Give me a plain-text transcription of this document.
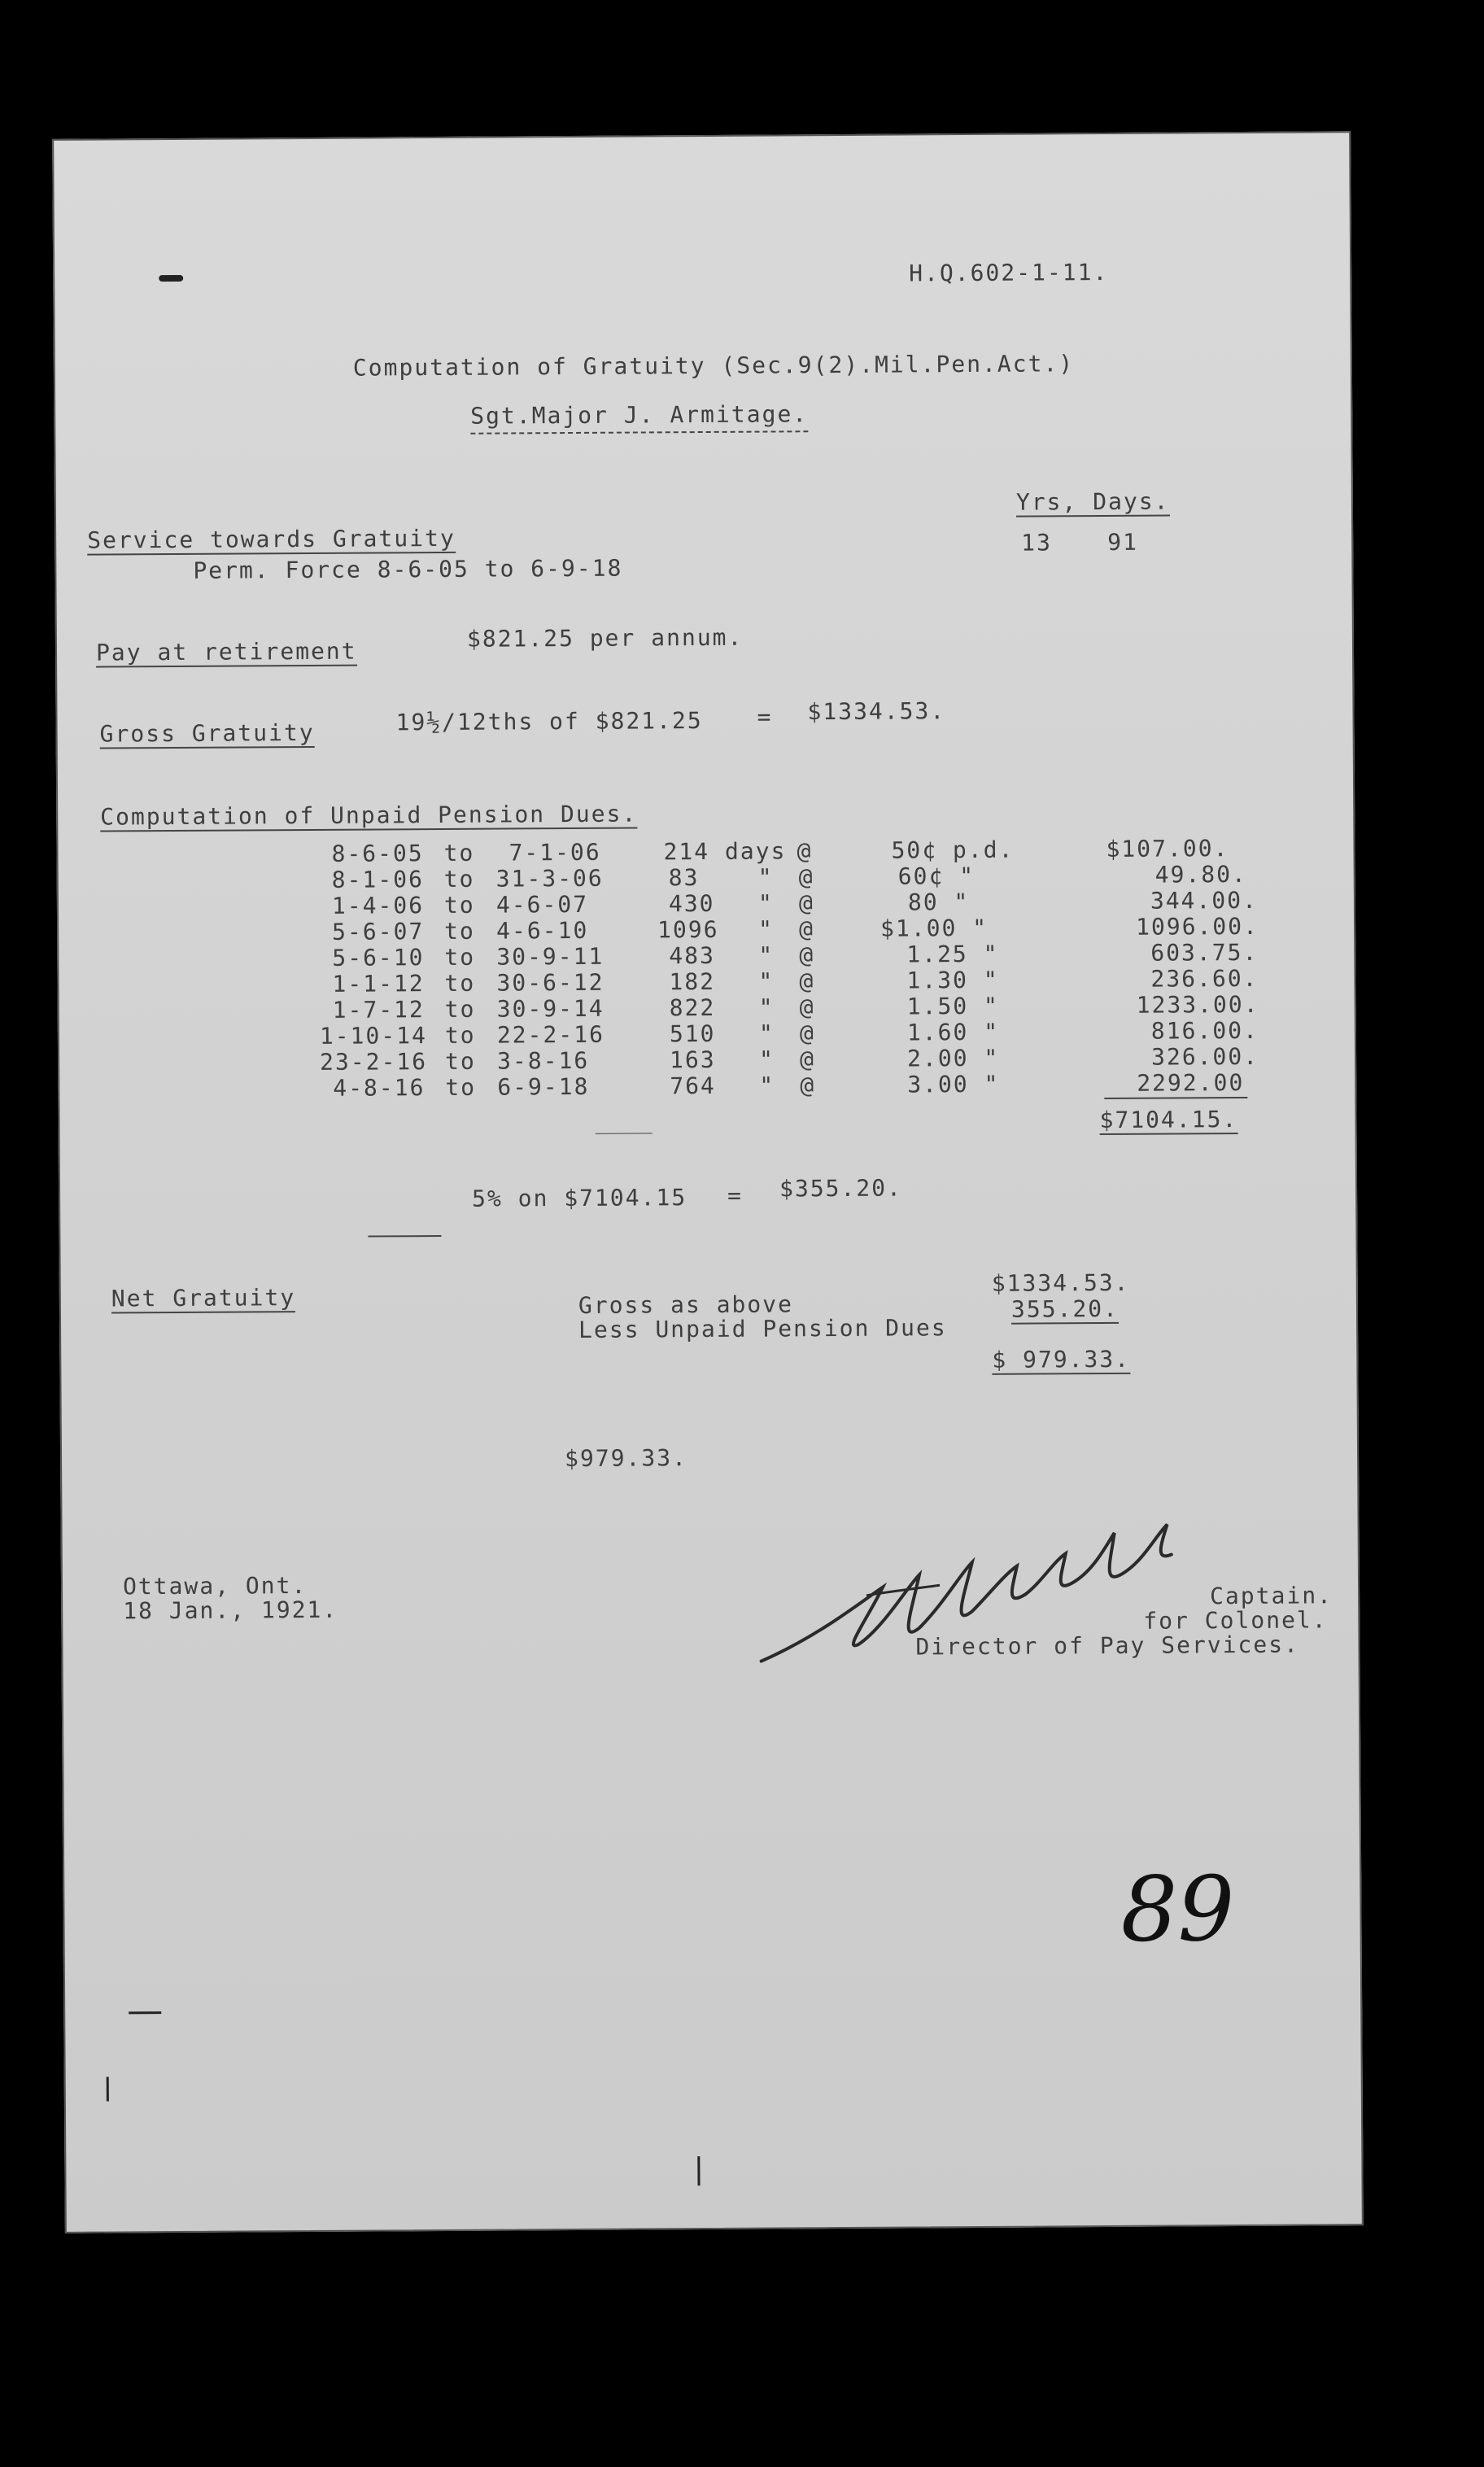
H.Q.602-1-11.
Computation of Gratuity (Sec.9(2).Mil.Pen.Act.)
Sgt.Major J. Armitage.
Yrs, Days.
Service towards Gratuity
Perm. Force 8-6-05 to 6-9-18
13 91
Pay at retirement	$821.25 per annum.
Gross Gratuity	19½/12ths of $821.25 = $1334.53.
Computation of Unpaid Pension Dues.
8-6-05 to 7-1-06	214 days @	50¢ p.d.	$107.00.
8-1-06 to 31-3-06	83	" @	60¢ "	49.80.
1-4-06 to 4-6-07	430 " @	80 "	344.00.
5-6-07 to 4-6-10	1096 " @	$1.00 "	1096.00.
5-6-10 to 30-9-11	483 " @	1.25 "	603.75.
1-1-12 to 30-6-12	182 " @	1.30 "	236.60.
1-7-12 to 30-9-14	822 " @	1.50 "	1233.00.
1-10-14 to 22-2-16	510 " @	1.60 "	816.00.
23-2-16 to 3-8-16	163 " @	2.00 "	326.00.
4-8-16 to 6-9-18	764 " @	3.00 "	2292.00
$7104.15.
5% on $7104.15 = $355.20.
Net Gratuity	Gross as above
$1334.53.
Less Unpaid Pension Dues
355.20.
$ 979.33.
$979.33.
Ottawa, Ont.
18 Jan., 1921.
Captain.
for Colonel.
Director of Pay Services.
89
